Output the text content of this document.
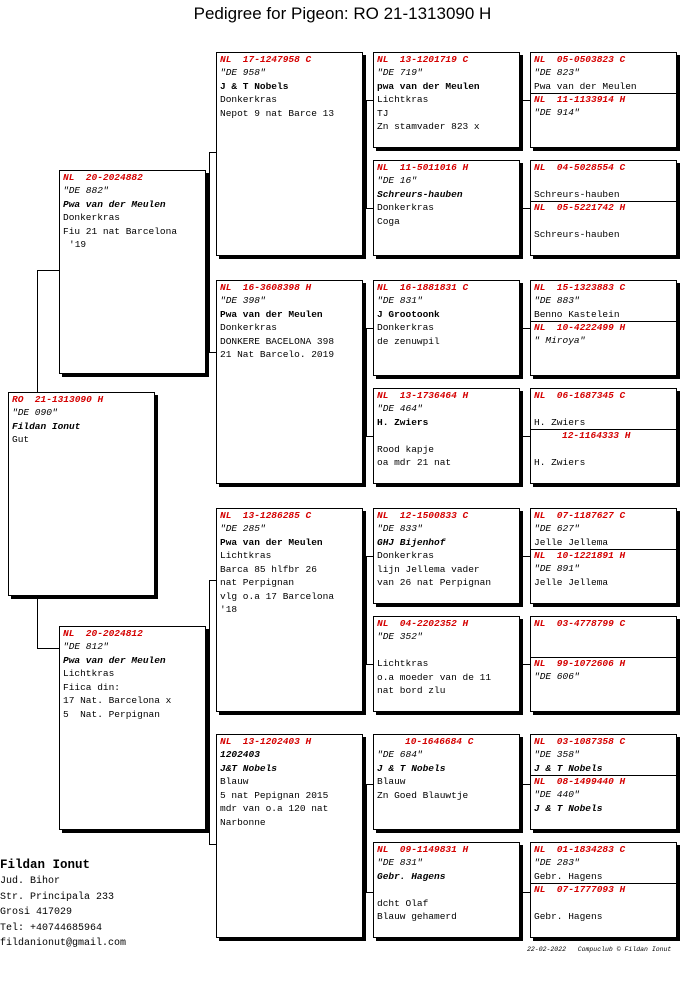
Pedigree for Pigeon: RO 21-1313090 H
RO  21-1313090 H
"DE 090"
Fildan Ionut
Gut
NL  20-2024882
"DE 882"
Pwa van der Meulen
Donkerkras
Fiu 21 nat Barcelona
'19
NL  20-2024812
"DE 812"
Pwa van der Meulen
Lichtkras
Fiica din:
17 Nat. Barcelona x
5  Nat. Perpignan
NL  17-1247958 C
"DE 958"
J & T Nobels
Donkerkras
Nepot 9 nat Barce 13
NL  16-3608398 H
"DE 398"
Pwa van der Meulen
Donkerkras
DONKERE BACELONA 398
21 Nat Barcelo. 2019
NL  13-1286285 C
"DE 285"
Pwa van der Meulen
Lichtkras
Barca 85 hlfbr 26
nat Perpignan
vlg o.a 17 Barcelona
'18
NL  13-1202403 H
1202403
J&T Nobels
Blauw
5 nat Pepignan 2015
mdr van o.a 120 nat
Narbonne
NL  13-1201719 C
"DE 719"
pwa van der Meulen
Lichtkras
TJ
Zn stamvader 823 x
NL  11-5011016 H
"DE 16"
Schreurs-hauben
Donkerkras
Coga
NL  16-1881831 C
"DE 831"
J Grootoonk
Donkerkras
de zenuwpil
NL  13-1736464 H
"DE 464"
H. Zwiers
Rood kapje
oa mdr 21 nat
NL  12-1500833 C
"DE 833"
GHJ Bijenhof
Donkerkras
lijn Jellema vader
van 26 nat Perpignan
NL  04-2202352 H
"DE 352"
Lichtkras
o.a moeder van de 11
nat bord zlu
10-1646684 C
"DE 684"
J & T Nobels
Blauw
Zn Goed Blauwtje
NL  09-1149831 H
"DE 831"
Gebr. Hagens
dcht Olaf
Blauw gehamerd
NL  05-0503823 C
"DE 823"
Pwa van der Meulen
NL  11-1133914 H
"DE 914"
NL  04-5028554 C
Schreurs-hauben
NL  05-5221742 H
Schreurs-hauben
NL  15-1323883 C
"DE 883"
Benno Kastelein
NL  10-4222499 H
" Miroya"
NL  06-1687345 C
H. Zwiers
12-1164333 H
H. Zwiers
NL  07-1187627 C
"DE 627"
Jelle Jellema
NL  10-1221891 H
"DE 891"
Jelle Jellema
NL  03-4778799 C
NL  99-1072606 H
"DE 606"
NL  03-1087358 C
"DE 358"
J & T Nobels
NL  08-1499440 H
"DE 440"
J & T Nobels
NL  01-1834283 C
"DE 283"
Gebr. Hagens
NL  07-1777093 H
Gebr. Hagens
Fildan Ionut
Jud. Bihor
Str. Principala 233
Grosi 417029
Tel: +40744685964
fildanionut@gmail.com
22-02-2022   Compuclub © Fildan Ionut
